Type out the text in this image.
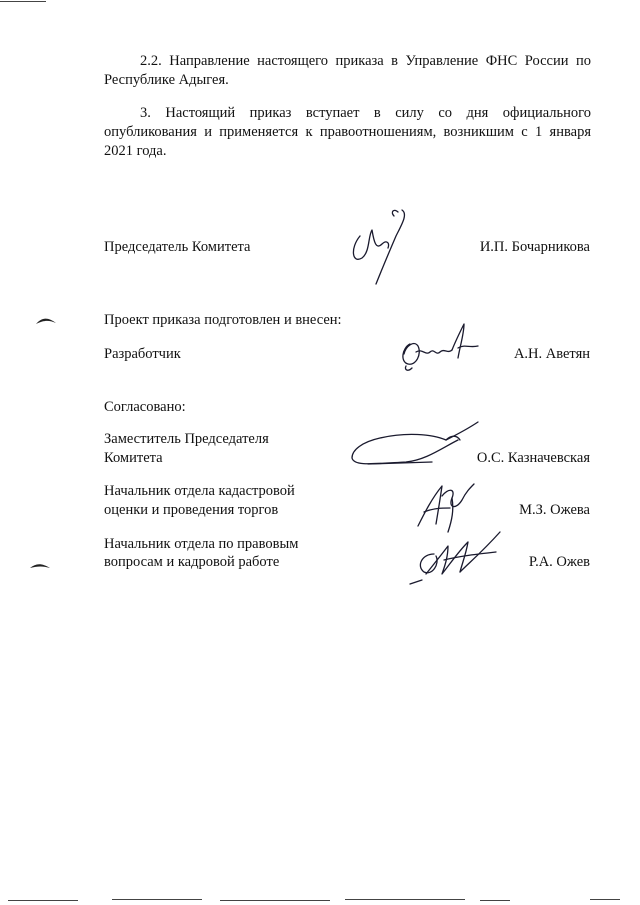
2.2. Направление настоящего приказа в Управление ФНС России по Республике Адыгея.
3. Настоящий приказ вступает в силу со дня официального опубликования и применяется к правоотношениям, возникшим с 1 января 2021 года.
Председатель Комитета	И.П. Бочарникова
Проект приказа подготовлен и внесен:
Разработчик	А.Н. Аветян
Согласовано:
Заместитель Председателя
Комитета	О.С. Казначевская
Начальник отдела кадастровой
оценки и проведения торгов	М.З. Ожева
Начальник отдела по правовым
вопросам и кадровой работе	Р.А. Ожев
